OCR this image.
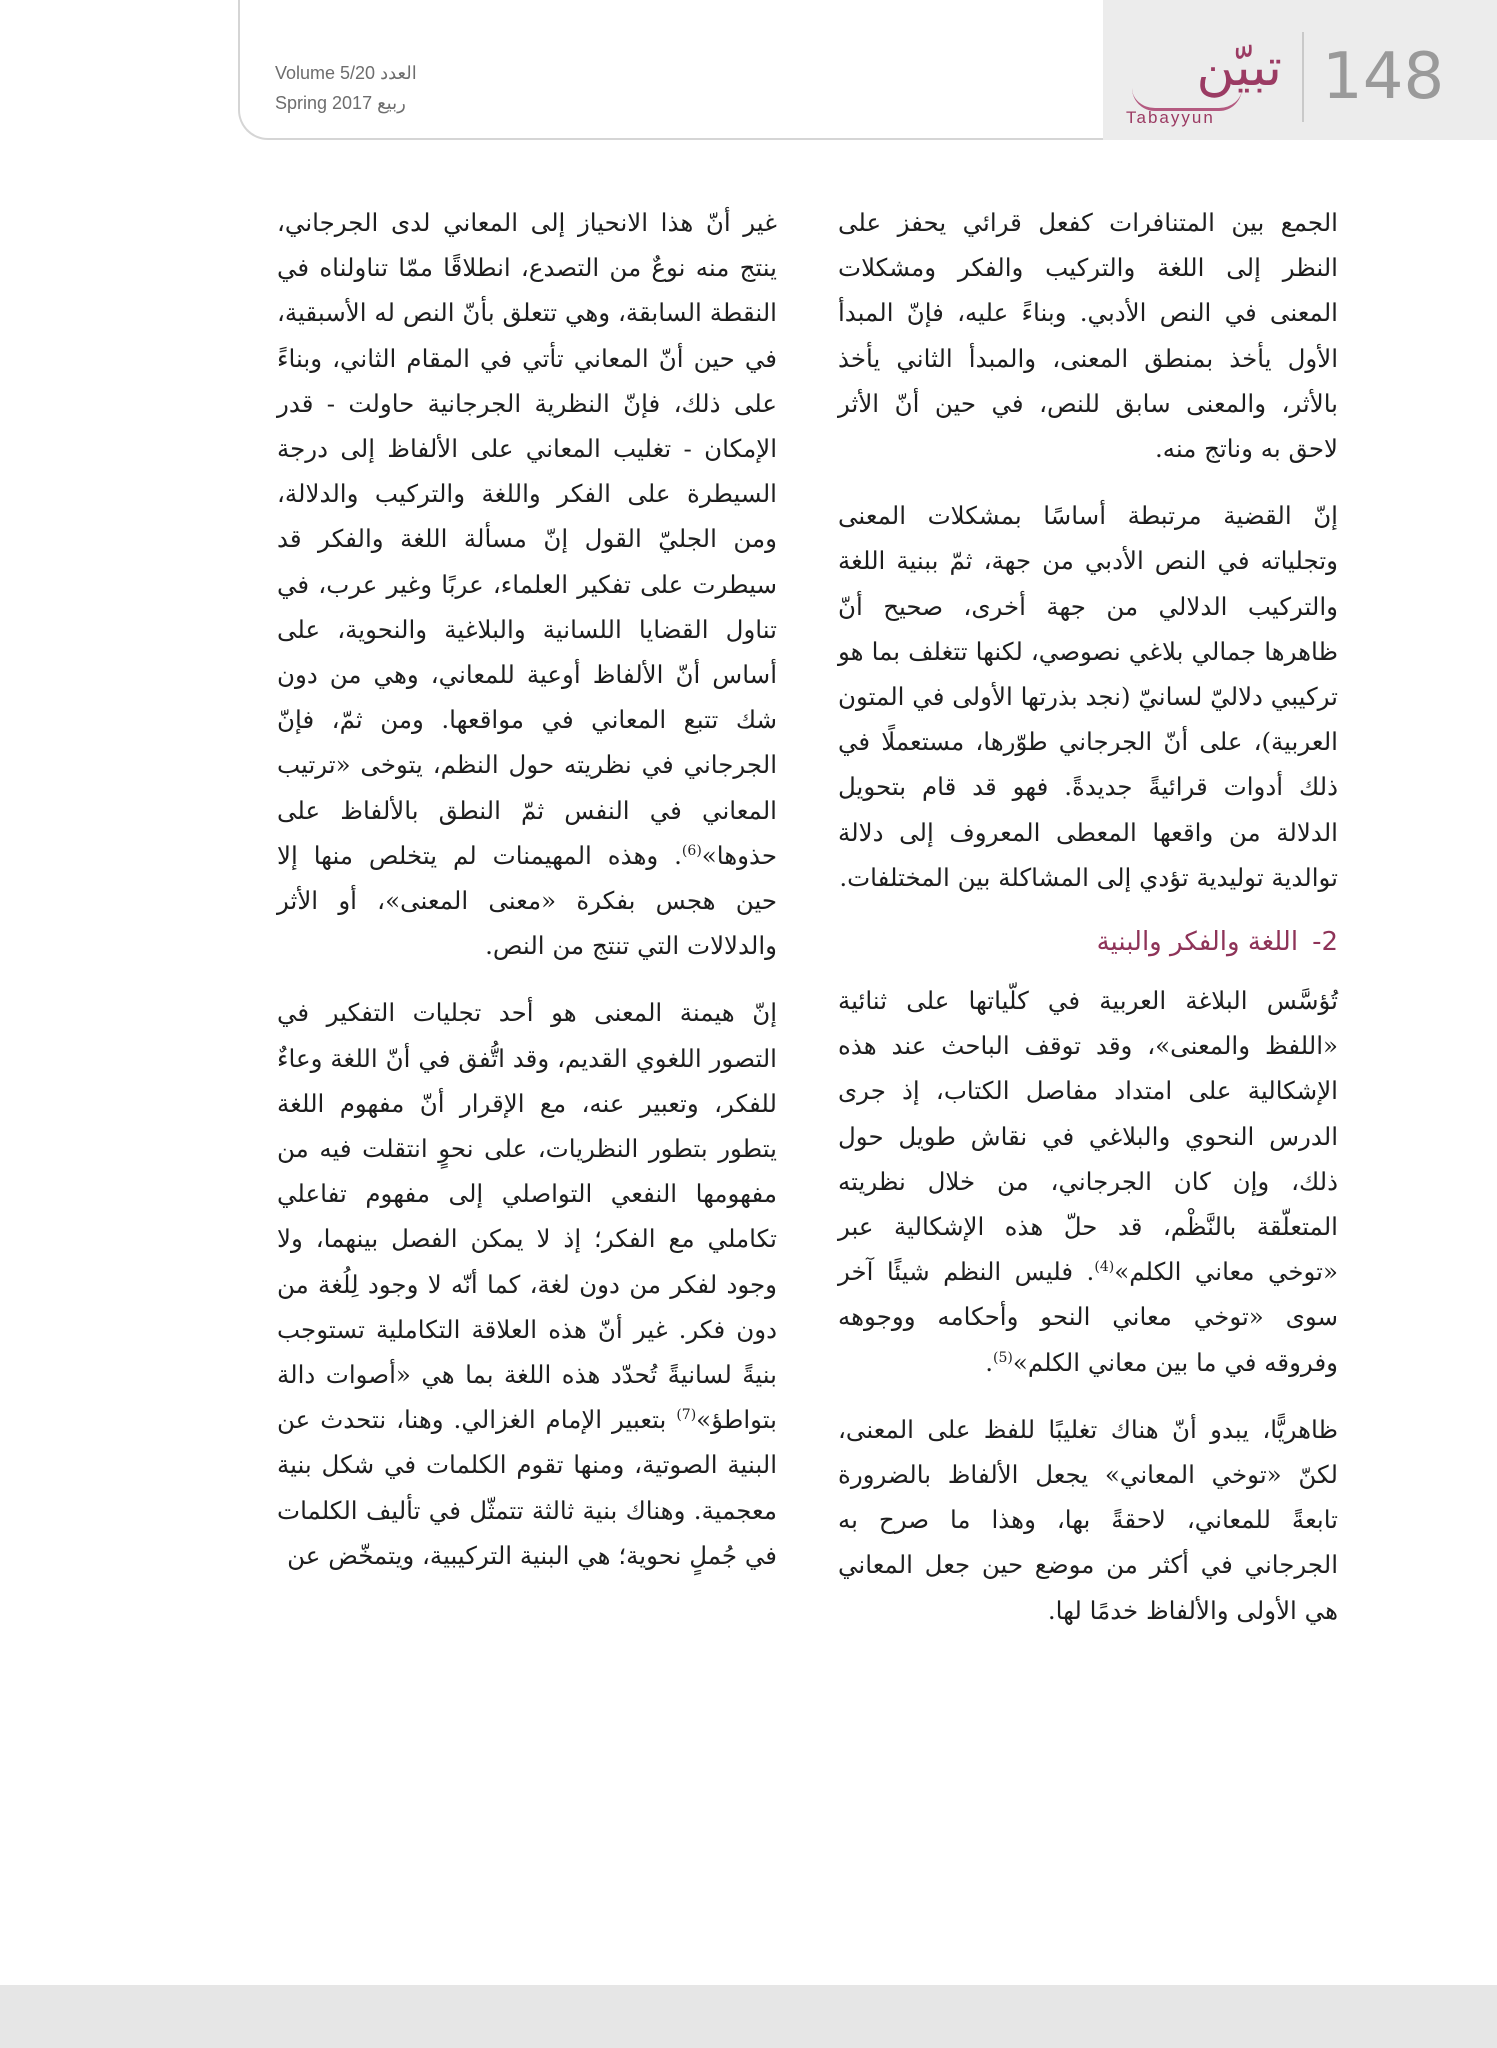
تبيّن
Tabayyun
148
Volume 5/20 العدد
Spring 2017 ربيع

الجمع بين المتنافرات كفعل قرائي يحفز على النظر إلى اللغة والتركيب والفكر ومشكلات المعنى في النص الأدبي. وبناءً عليه، فإنّ المبدأ الأول يأخذ بمنطق المعنى، والمبدأ الثاني يأخذ بالأثر، والمعنى سابق للنص، في حين أنّ الأثر لاحق به وناتج منه.

إنّ القضية مرتبطة أساسًا بمشكلات المعنى وتجلياته في النص الأدبي من جهة، ثمّ ببنية اللغة والتركيب الدلالي من جهة أخرى، صحيح أنّ ظاهرها جمالي بلاغي نصوصي، لكنها تتغلف بما هو تركيبي دلاليّ لسانيّ (نجد بذرتها الأولى في المتون العربية)، على أنّ الجرجاني طوّرها، مستعملًا في ذلك أدوات قرائيةً جديدةً. فهو قد قام بتحويل الدلالة من واقعها المعطى المعروف إلى دلالة توالدية توليدية تؤدي إلى المشاكلة بين المختلفات.

2-اللغة والفكر والبنية

تُؤسَّس البلاغة العربية في كلّياتها على ثنائية «اللفظ والمعنى»، وقد توقف الباحث عند هذه الإشكالية على امتداد مفاصل الكتاب، إذ جرى الدرس النحوي والبلاغي في نقاش طويل حول ذلك، وإن كان الجرجاني، من خلال نظريته المتعلّقة بالنَّظْم، قد حلّ هذه الإشكالية عبر «توخي معاني الكلم»$^{(4)}$. فليس النظم شيئًا آخر سوى «توخي معاني النحو وأحكامه ووجوهه وفروقه في ما بين معاني الكلم»$^{(5)}$.

ظاهريًّا، يبدو أنّ هناك تغليبًا للفظ على المعنى، لكنّ «توخي المعاني» يجعل الألفاظ بالضرورة تابعةً للمعاني، لاحقةً بها، وهذا ما صرح به الجرجاني في أكثر من موضع حين جعل المعاني هي الأولى والألفاظ خدمًا لها.

غير أنّ هذا الانحياز إلى المعاني لدى الجرجاني، ينتج منه نوعٌ من التصدع، انطلاقًا ممّا تناولناه في النقطة السابقة، وهي تتعلق بأنّ النص له الأسبقية، في حين أنّ المعاني تأتي في المقام الثاني، وبناءً على ذلك، فإنّ النظرية الجرجانية حاولت - قدر الإمكان - تغليب المعاني على الألفاظ إلى درجة السيطرة على الفكر واللغة والتركيب والدلالة، ومن الجليّ القول إنّ مسألة اللغة والفكر قد سيطرت على تفكير العلماء، عربًا وغير عرب، في تناول القضايا اللسانية والبلاغية والنحوية، على أساس أنّ الألفاظ أوعية للمعاني، وهي من دون شك تتبع المعاني في مواقعها. ومن ثمّ، فإنّ الجرجاني في نظريته حول النظم، يتوخى «ترتيب المعاني في النفس ثمّ النطق بالألفاظ على حذوها»$^{(6)}$. وهذه المهيمنات لم يتخلص منها إلا حين هجس بفكرة «معنى المعنى»، أو الأثر والدلالات التي تنتج من النص.

إنّ هيمنة المعنى هو أحد تجليات التفكير في التصور اللغوي القديم، وقد اتُّفق في أنّ اللغة وعاءٌ للفكر، وتعبير عنه، مع الإقرار أنّ مفهوم اللغة يتطور بتطور النظريات، على نحوٍ انتقلت فيه من مفهومها النفعي التواصلي إلى مفهوم تفاعلي تكاملي مع الفكر؛ إذ لا يمكن الفصل بينهما، ولا وجود لفكر من دون لغة، كما أنّه لا وجود لِلُغة من دون فكر. غير أنّ هذه العلاقة التكاملية تستوجب بنيةً لسانيةً تُحدّد هذه اللغة بما هي «أصوات دالة بتواطؤ»$^{(7)}$ بتعبير الإمام الغزالي. وهنا، نتحدث عن البنية الصوتية، ومنها تقوم الكلمات في شكل بنية معجمية. وهناك بنية ثالثة تتمثّل في تأليف الكلمات في جُملٍ نحوية؛ هي البنية التركيبية، ويتمخّض عن
